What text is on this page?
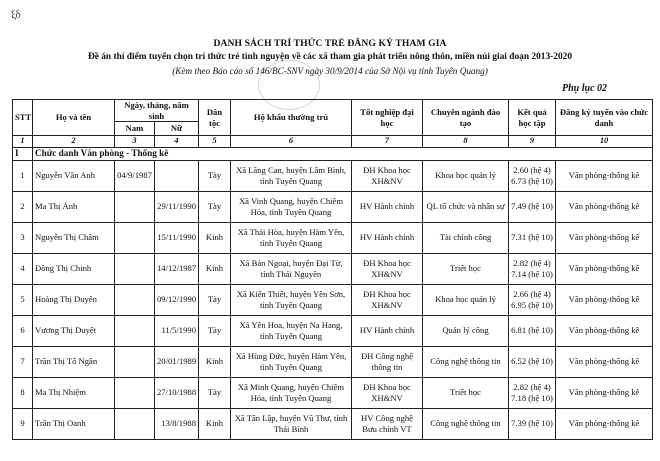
ξδ
DANH SÁCH TRÍ THỨC TRẺ ĐĂNG KÝ THAM GIA
Đề án thí điểm tuyển chọn trí thức trẻ tình nguyện về các xã tham gia phát triển nông thôn, miền núi giai đoạn 2013-2020
(Kèm theo Báo cáo số 146/BC-SNV ngày 30/9/2014 của Sở Nội vụ tỉnh Tuyên Quang)
Phụ lục 02
STT	Họ và tên	Ngày, tháng, năm sinh		Dân tộc	Hộ khẩu thường trú	Tốt nghiệp đại học	Chuyên ngành đào tạo	Kết quả học tập	Đăng ký tuyển vào chức danh
		Nam	Nữ						
1	2	3	4	5	6	7	8	9	10
I	Chức danh Văn phòng - Thống kê								
1	Nguyễn Văn Anh	04/9/1987		Tày	Xã Lăng Can, huyện Lâm Bình, tỉnh Tuyên Quang	ĐH Khoa học XH&NV	Khoa học quản lý	2.60 (hệ 4) 6.73 (hệ 10)	Văn phòng-thống kê
2	Ma Thị Ánh		29/11/1990	Tày	Xã Vinh Quang, huyện Chiêm Hóa, tỉnh Tuyên Quang	HV Hành chính	QL tổ chức và nhân sự	7.49 (hệ 10)	Văn phòng-thống kê
3	Nguyễn Thị Châm		15/11/1990	Kinh	Xã Thái Hòa, huyện Hàm Yên, tỉnh Tuyên Quang	HV Hành chính	Tài chính công	7.31 (hệ 10)	Văn phòng-thống kê
4	Đồng Thị Chinh		14/12/1987	Kinh	Xã Bản Ngoại, huyện Đại Từ, tỉnh Thái Nguyên	ĐH Khoa học XH&NV	Triết học	2.82 (hệ 4) 7.14 (hệ 10)	Văn phòng-thống kê
5	Hoàng Thị Duyên		09/12/1990	Tày	Xã Kiến Thiết, huyện Yên Sơn, tỉnh Tuyên Quang	ĐH Khoa học XH&NV	Khoa học quản lý	2.66 (hệ 4) 6.95 (hệ 10)	Văn phòng-thống kê
6	Vương Thị Duyệt		11/5/1990	Tày	Xã Yên Hoa, huyện Na Hang, tỉnh Tuyên Quang	HV Hành chính	Quản lý công	6.81 (hệ 10)	Văn phòng-thống kê
7	Trần Thị Tố Ngân		20/01/1989	Kinh	Xã Hùng Đức, huyện Hàm Yên, tỉnh Tuyên Quang	ĐH Công nghệ thông tin	Công nghệ thông tin	6.52 (hệ 10)	Văn phòng-thống kê
8	Ma Thị Nhiệm		27/10/1988	Tày	Xã Minh Quang, huyện Chiêm Hóa, tỉnh Tuyên Quang	ĐH Khoa học XH&NV	Triết học	2.82 (hệ 4) 7.18 (hệ 10)	Văn phòng-thống kê
9	Trần Thị Oanh		13/8/1988	Kinh	Xã Tân Lập, huyện Vũ Thư, tỉnh Thái Bình	HV Công nghệ Bưu chính VT	Công nghệ thông tin	7.39 (hệ 10)	Văn phòng-thống kê
